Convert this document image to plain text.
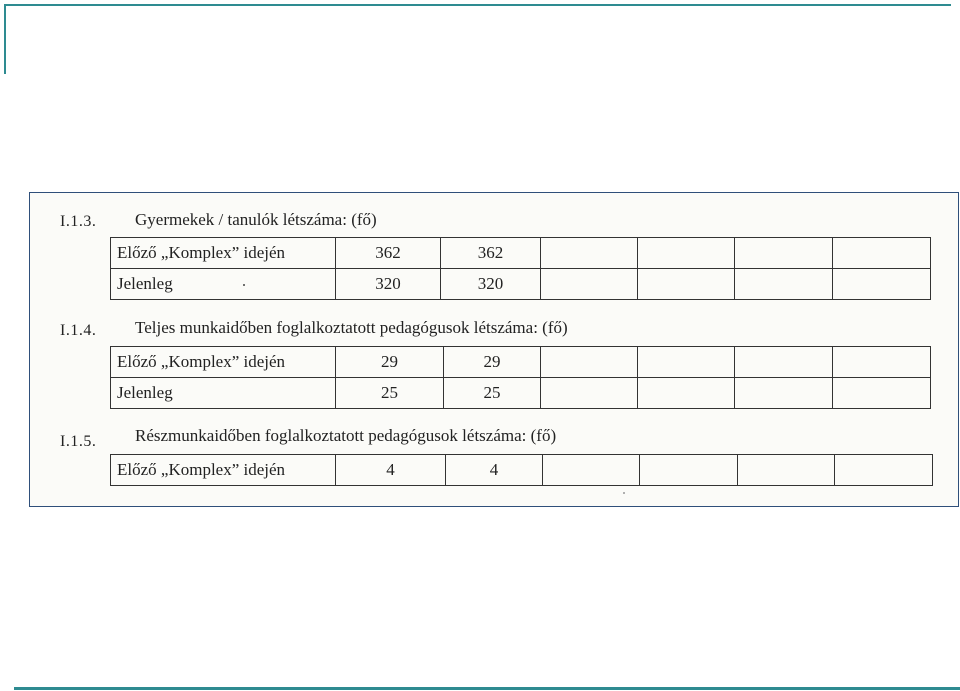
I.1.3. Gyermekek / tanulók létszáma: (fő)
Előző „Komplex” idején	362	362				
Jelenleg	320	320				
I.1.4. Teljes munkaidőben foglalkoztatott pedagógusok létszáma: (fő)
Előző „Komplex” idején	29	29				
Jelenleg	25	25				
I.1.5. Részmunkaidőben foglalkoztatott pedagógusok létszáma: (fő)
Előző „Komplex” idején	4	4				
